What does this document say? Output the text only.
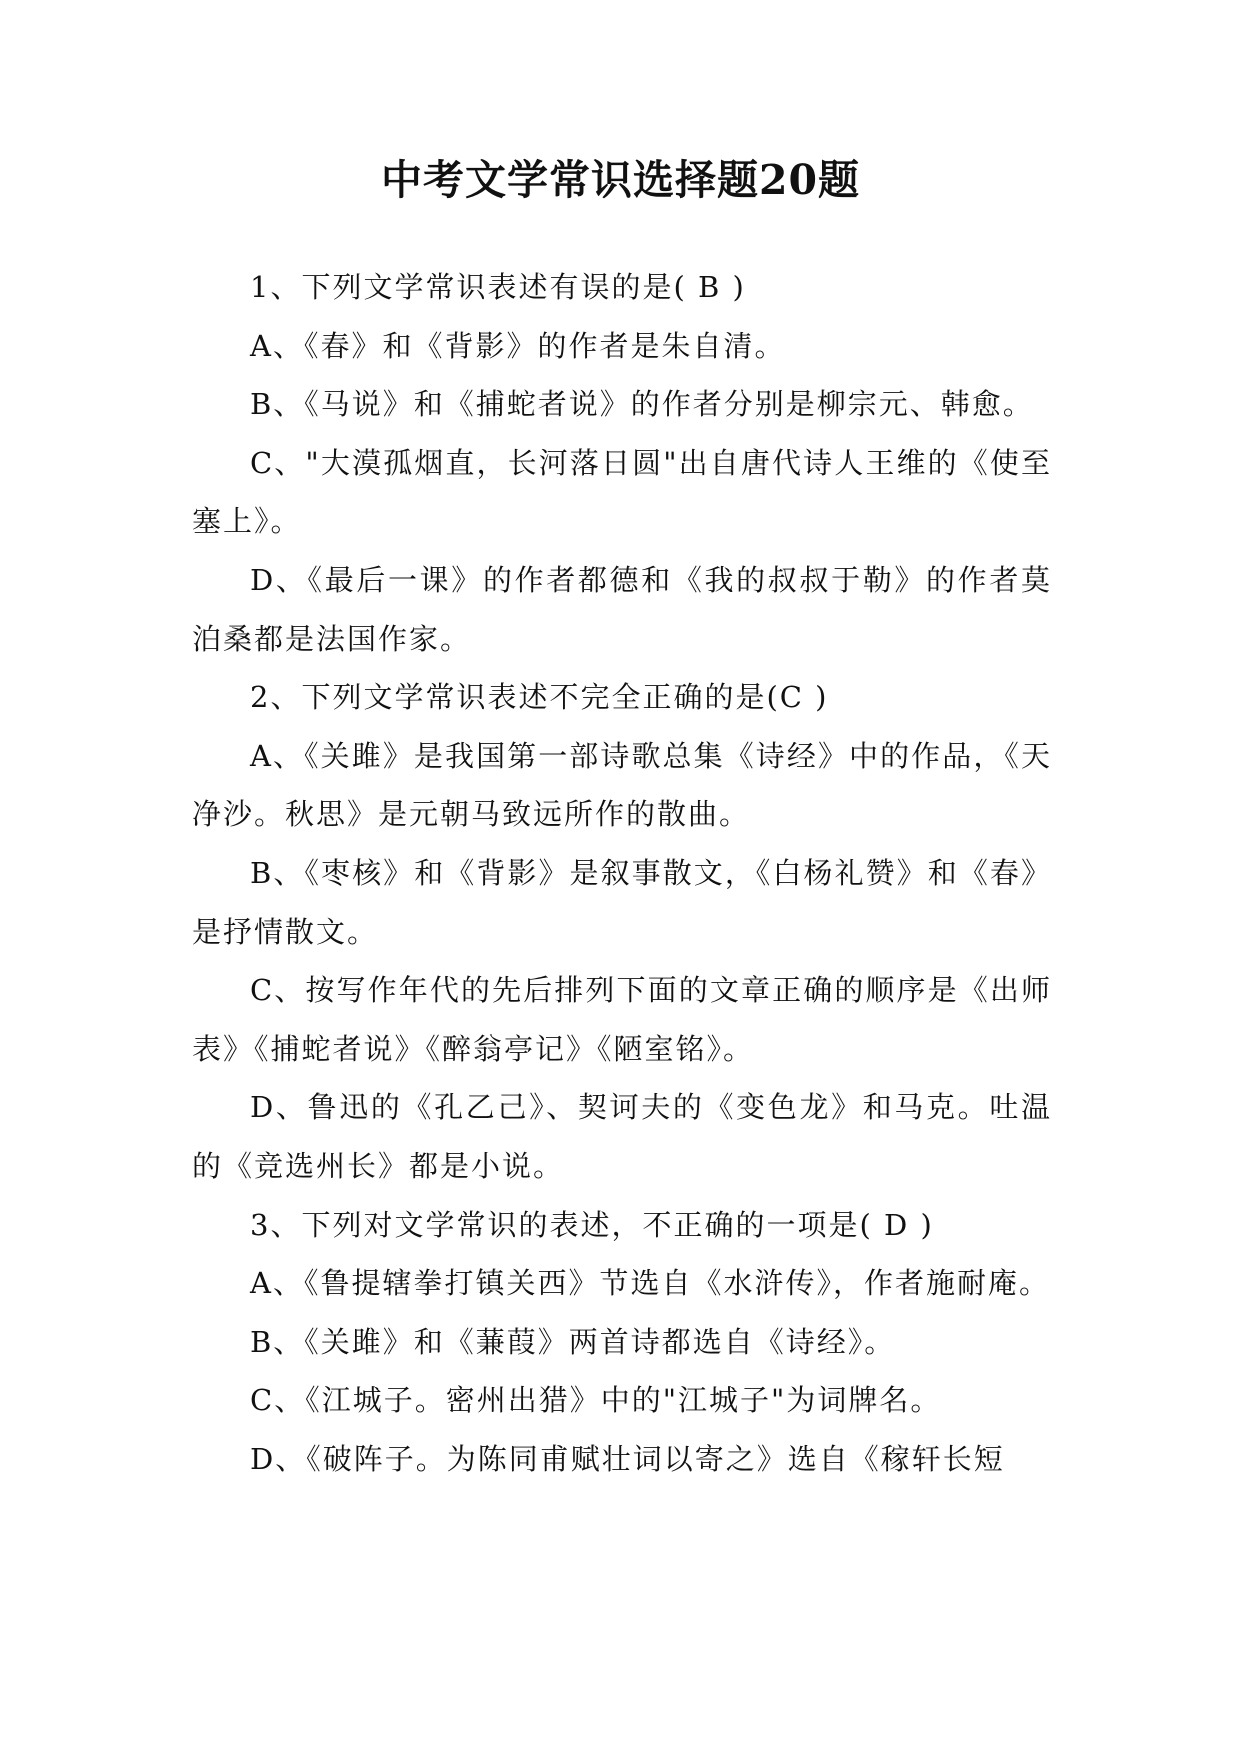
中考文学常识选择题20题

1、下列文学常识表述有误的是( B )

A、《春》和《背影》的作者是朱自清。

B、《马说》和《捕蛇者说》的作者分别是柳宗元、韩愈。

C、"大漠孤烟直，长河落日圆"出自唐代诗人王维的《使至塞上》。

D、《最后一课》的作者都德和《我的叔叔于勒》的作者莫泊桑都是法国作家。

2、下列文学常识表述不完全正确的是(C )

A、《关雎》是我国第一部诗歌总集《诗经》中的作品，《天净沙。秋思》是元朝马致远所作的散曲。

B、《枣核》和《背影》是叙事散文，《白杨礼赞》和《春》是抒情散文。

C、按写作年代的先后排列下面的文章正确的顺序是《出师表》《捕蛇者说》《醉翁亭记》《陋室铭》。

D、鲁迅的《孔乙己》、契诃夫的《变色龙》和马克。吐温的《竞选州长》都是小说。

3、下列对文学常识的表述，不正确的一项是( D )

A、《鲁提辖拳打镇关西》节选自《水浒传》，作者施耐庵。

B、《关雎》和《蒹葭》两首诗都选自《诗经》。

C、《江城子。密州出猎》中的"江城子"为词牌名。

D、《破阵子。为陈同甫赋壮词以寄之》选自《稼轩长短
